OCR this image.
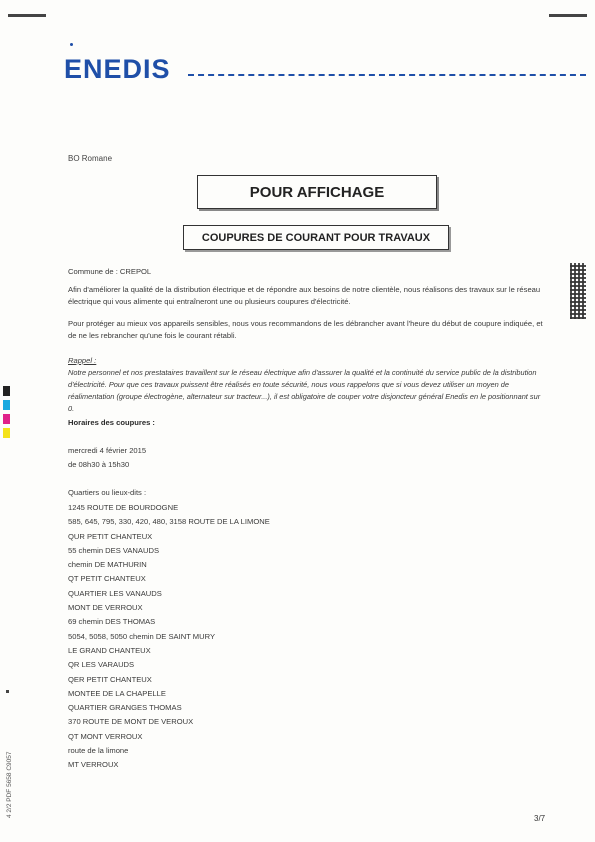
ENEDIS
BO Romane
POUR AFFICHAGE
COUPURES DE COURANT POUR TRAVAUX
Commune de : CREPOL
Afin d'améliorer la qualité de la distribution électrique et de répondre aux besoins de notre clientèle, nous réalisons des travaux sur le réseau électrique qui vous alimente qui entraîneront une ou plusieurs coupures d'électricité.
Pour protéger au mieux vos appareils sensibles, nous vous recommandons de les débrancher avant l'heure du début de coupure indiquée, et de ne les rebrancher qu'une fois le courant rétabli.
Rappel :
Notre personnel et nos prestataires travaillent sur le réseau électrique afin d'assurer la qualité et la continuité du service public de la distribution d'électricité. Pour que ces travaux puissent être réalisés en toute sécurité, nous vous rappelons que si vous devez utiliser un moyen de réalimentation (groupe électrogène, alternateur sur tracteur...), il est obligatoire de couper votre disjoncteur général Enedis en le positionnant sur 0.
Horaires des coupures :
mercredi 4 février 2015
de 08h30 à 15h30
Quartiers ou lieux-dits :
1245 ROUTE DE BOURDOGNE
585, 645, 795, 330, 420, 480, 3158 ROUTE DE LA LIMONE
QUR PETIT CHANTEUX
55 chemin DES VANAUDS
chemin DE MATHURIN
QT PETIT CHANTEUX
QUARTIER LES VANAUDS
MONT DE VERROUX
69 chemin DES THOMAS
5054, 5058, 5050 chemin DE SAINT MURY
LE GRAND CHANTEUX
QR LES VARAUDS
QER PETIT CHANTEUX
MONTEE DE LA CHAPELLE
QUARTIER GRANGES THOMAS
370 ROUTE DE MONT DE VEROUX
QT MONT VERROUX
route de la limone
MT VERROUX
4 2/2 PDF 5658 C9057
3/7
